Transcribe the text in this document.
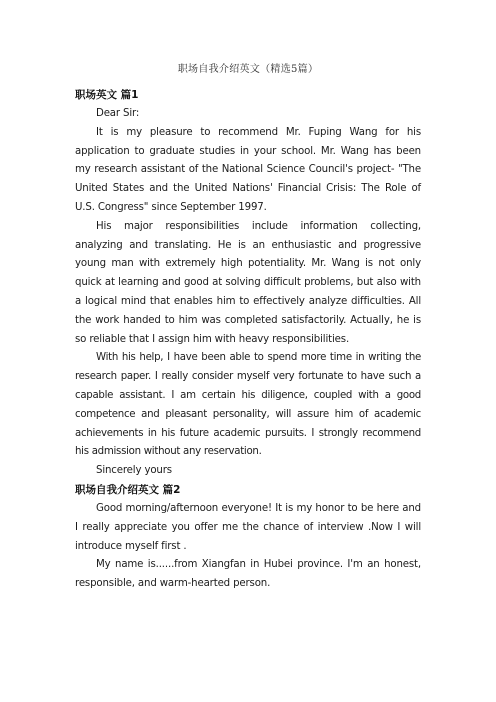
职场自我介绍英文（精选5篇）

职场英文 篇1

Dear Sir:

It is my pleasure to recommend Mr. Fuping Wang for his application to graduate studies in your school. Mr. Wang has been my research assistant of the National Science Council's project- "The United States and the United Nations' Financial Crisis: The Role of U.S. Congress" since September 1997.

His major responsibilities include information collecting, analyzing and translating. He is an enthusiastic and progressive young man with extremely high potentiality. Mr. Wang is not only quick at learning and good at solving difficult problems, but also with a logical mind that enables him to effectively analyze difficulties. All the work handed to him was completed satisfactorily. Actually, he is so reliable that I assign him with heavy responsibilities.

With his help, I have been able to spend more time in writing the research paper. I really consider myself very fortunate to have such a capable assistant. I am certain his diligence, coupled with a good competence and pleasant personality, will assure him of academic achievements in his future academic pursuits. I strongly recommend his admission without any reservation.

Sincerely yours

职场自我介绍英文 篇2

Good morning/afternoon everyone! It is my honor to be here and I really appreciate you offer me the chance of interview .Now I will introduce myself first .

My name is......from Xiangfan in Hubei province. I'm an honest, responsible, and warm-hearted person.
